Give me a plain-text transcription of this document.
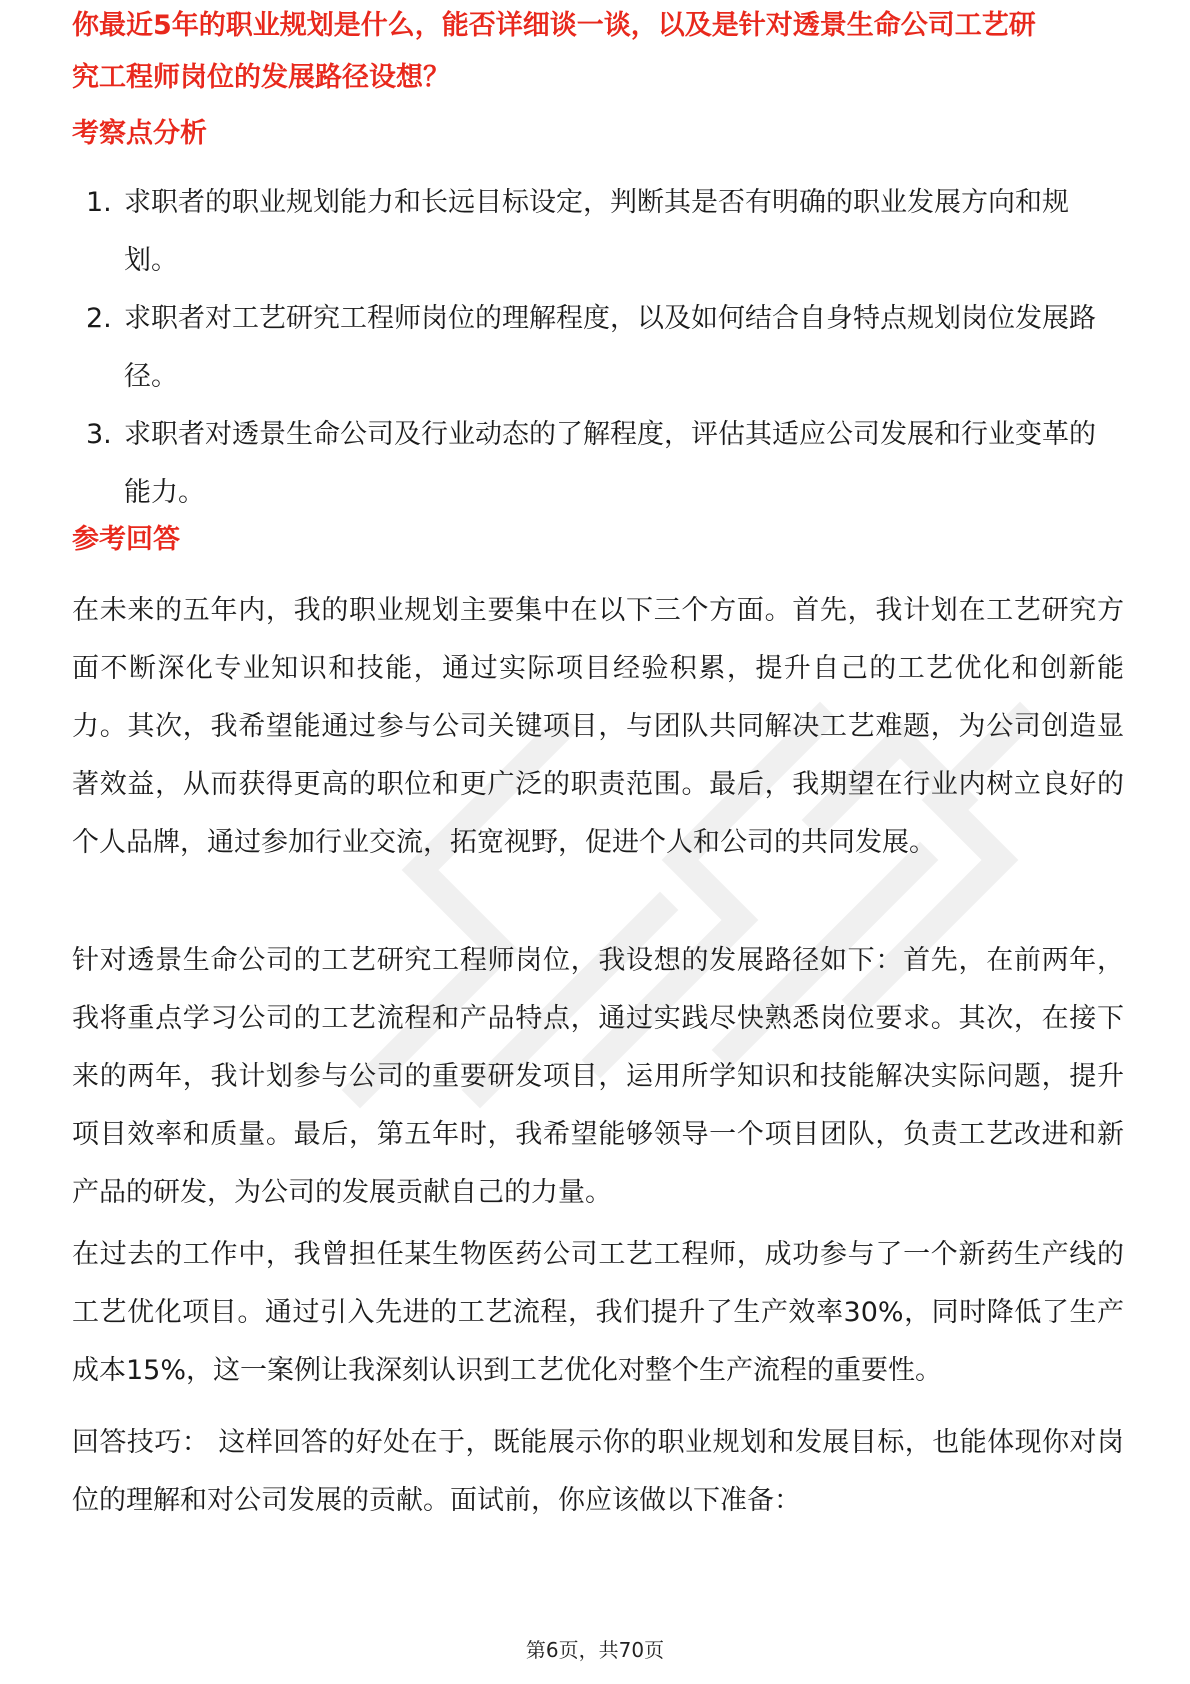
你最近5年的职业规划是什么，能否详细谈一谈，以及是针对透景生命公司工艺研
究工程师岗位的发展路径设想？
考察点分析
1. 求职者的职业规划能力和长远目标设定，判断其是否有明确的职业发展方向和规划。
2. 求职者对工艺研究工程师岗位的理解程度，以及如何结合自身特点规划岗位发展路径。
3. 求职者对透景生命公司及行业动态的了解程度，评估其适应公司发展和行业变革的能力。
参考回答

在未来的五年内，我的职业规划主要集中在以下三个方面。首先，我计划在工艺研究方面不断深化专业知识和技能，通过实际项目经验积累，提升自己的工艺优化和创新能力。其次，我希望能通过参与公司关键项目，与团队共同解决工艺难题，为公司创造显著效益，从而获得更高的职位和更广泛的职责范围。最后，我期望在行业内树立良好的个人品牌，通过参加行业交流，拓宽视野，促进个人和公司的共同发展。

针对透景生命公司的工艺研究工程师岗位，我设想的发展路径如下：首先，在前两年，我将重点学习公司的工艺流程和产品特点，通过实践尽快熟悉岗位要求。其次，在接下来的两年，我计划参与公司的重要研发项目，运用所学知识和技能解决实际问题，提升项目效率和质量。最后，第五年时，我希望能够领导一个项目团队，负责工艺改进和新产品的研发，为公司的发展贡献自己的力量。

在过去的工作中，我曾担任某生物医药公司工艺工程师，成功参与了一个新药生产线的工艺优化项目。通过引入先进的工艺流程，我们提升了生产效率30%，同时降低了生产成本15%，这一案例让我深刻认识到工艺优化对整个生产流程的重要性。

回答技巧： 这样回答的好处在于，既能展示你的职业规划和发展目标，也能体现你对岗位的理解和对公司发展的贡献。面试前，你应该做以下准备：

第6页，共70页
